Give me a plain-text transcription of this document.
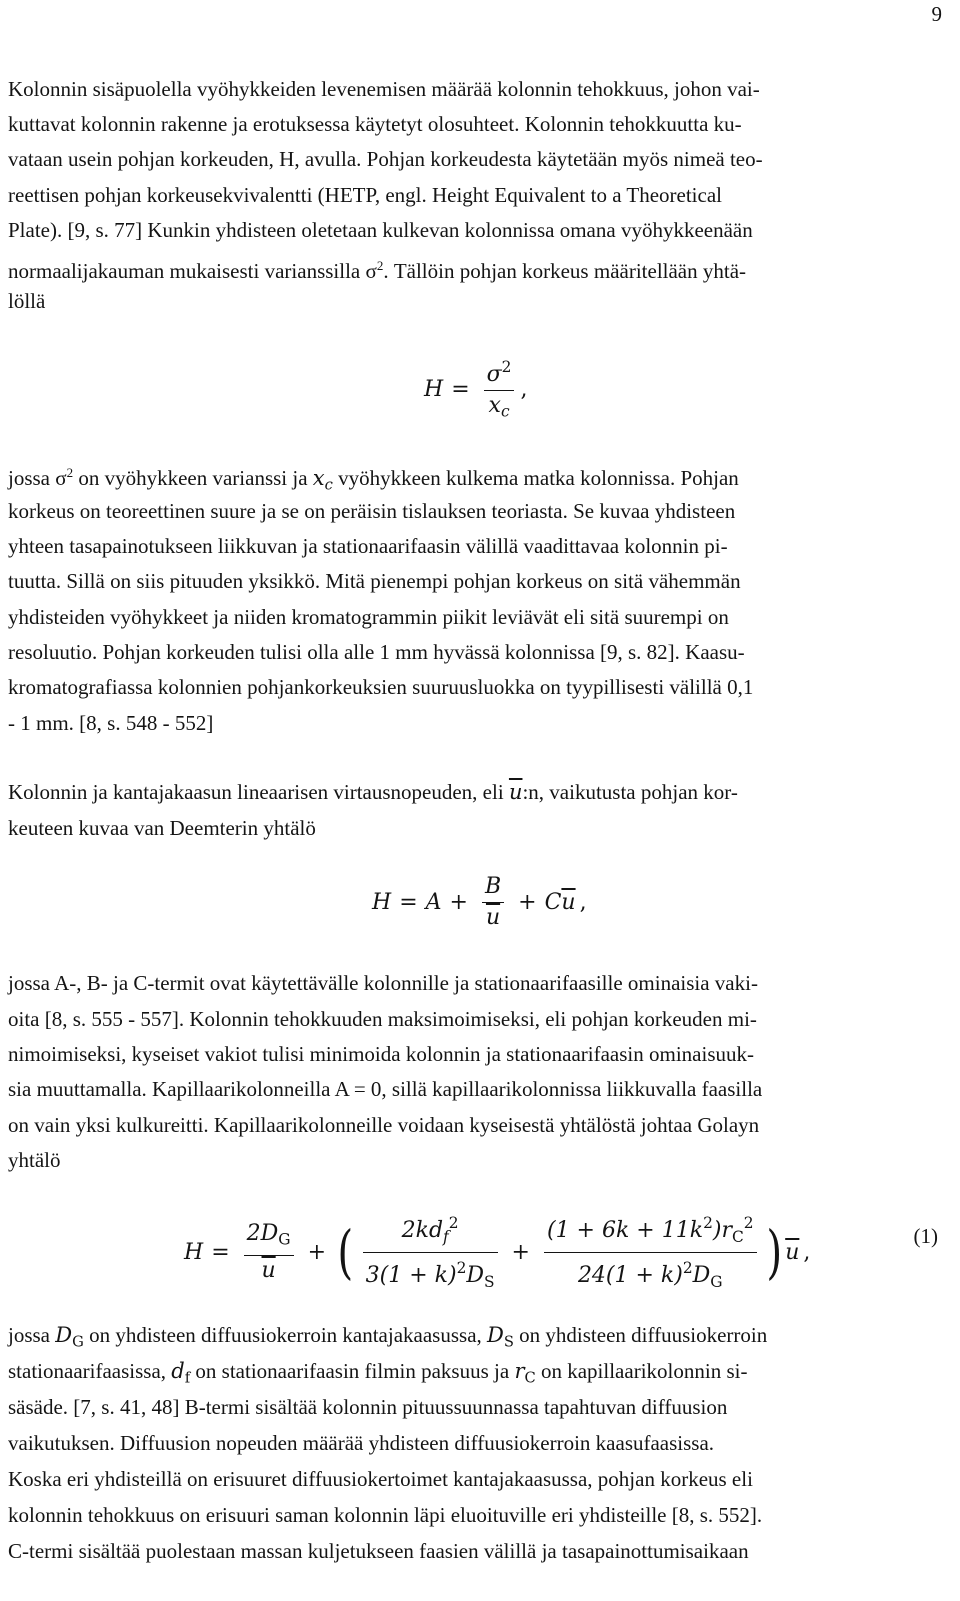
9

Kolonnin sisäpuolella vyöhykkeiden levenemisen määrää kolonnin tehokkuus, johon vai-

kuttavat kolonnin rakenne ja erotuksessa käytetyt olosuhteet. Kolonnin tehokkuutta ku-

vataan usein pohjan korkeuden, H, avulla. Pohjan korkeudesta käytetään myös nimeä teo-

reettisen pohjan korkeusekvivalentti (HETP, engl. Height Equivalent to a Theoretical

Plate). [9, s. 77] Kunkin yhdisteen oletetaan kulkevan kolonnissa omana vyöhykkeenään

normaalijakauman mukaisesti varianssilla $\sigma^2$. Tällöin pohjan korkeus määritellään yhtä-

löllä

$H = \frac{\sigma^2}{x_c}$ ,

jossa $\sigma^2$ on vyöhykkeen varianssi ja $x_c$ vyöhykkeen kulkema matka kolonnissa. Pohjan

korkeus on teoreettinen suure ja se on peräisin tislauksen teoriasta. Se kuvaa yhdisteen

yhteen tasapainotukseen liikkuvan ja stationaarifaasin välillä vaadittavaa kolonnin pi-

tuutta. Sillä on siis pituuden yksikkö. Mitä pienempi pohjan korkeus on sitä vähemmän

yhdisteiden vyöhykkeet ja niiden kromatogrammin piikit leviävät eli sitä suurempi on

resoluutio. Pohjan korkeuden tulisi olla alle 1 mm hyvässä kolonnissa [9, s. 82]. Kaasu-

kromatografiassa kolonnien pohjankorkeuksien suuruusluokka on tyypillisesti välillä 0,1

- 1 mm. [8, s. 548 - 552]

Kolonnin ja kantajakaasun lineaarisen virtausnopeuden, eli $\overline{u}:n$, vaikutusta pohjan kor-

keuteen kuvaa van Deemterin yhtälö

$H = A + \frac{B}{u} + C$ $\overline{u}$ ,

jossa A-, B- ja C-termit ovat käytettävälle kolonnille ja stationaarifaasille ominaisia vaki-

oita [8, s. 555 - 557]. Kolonnin tehokkuuden maksimoimiseksi, eli pohjan korkeuden mi-

nimoimiseksi, kyseiset vakiot tulisi minimoida kolonnin ja stationaarifaasin ominaisuuk-

sia muuttamalla. Kapillaarikolonneilla A = 0, sillä kapillaarikolonnissa liikkuvalla faasilla

on vain yksi kulkureitti. Kapillaarikolonneille voidaan kyseisestä yhtälöstä johtaa Golayn

yhtälö

$H = \frac{2D_G}{u}$ + ( $\frac{2kd_f^2}{3(1 + k)^2D_S} + \frac{(1 + 6k + 11k^2)r_C^2}{24(1 + k)^2D_G}$ ) $\overline{u}$ ,
(1)

jossa $D_G$ on yhdisteen diffuusiokerroin kantajakaasussa, $D_S$ on yhdisteen diffuusiokerroin

stationaarifaasissa, $d_f$ on stationaarifaasin filmin paksuus ja $r_C$ on kapillaarikolonnin si-

säsäde. [7, s. 41, 48] B-termi sisältää kolonnin pituussuunnassa tapahtuvan diffuusion

vaikutuksen. Diffuusion nopeuden määrää yhdisteen diffuusiokerroin kaasufaasissa.

Koska eri yhdisteillä on erisuuret diffuusiokertoimet kantajakaasussa, pohjan korkeus eli

kolonnin tehokkuus on erisuuri saman kolonnin läpi eluoituville eri yhdisteille [8, s. 552].

C-termi sisältää puolestaan massan kuljetukseen faasien välillä ja tasapainottumisaikaan
